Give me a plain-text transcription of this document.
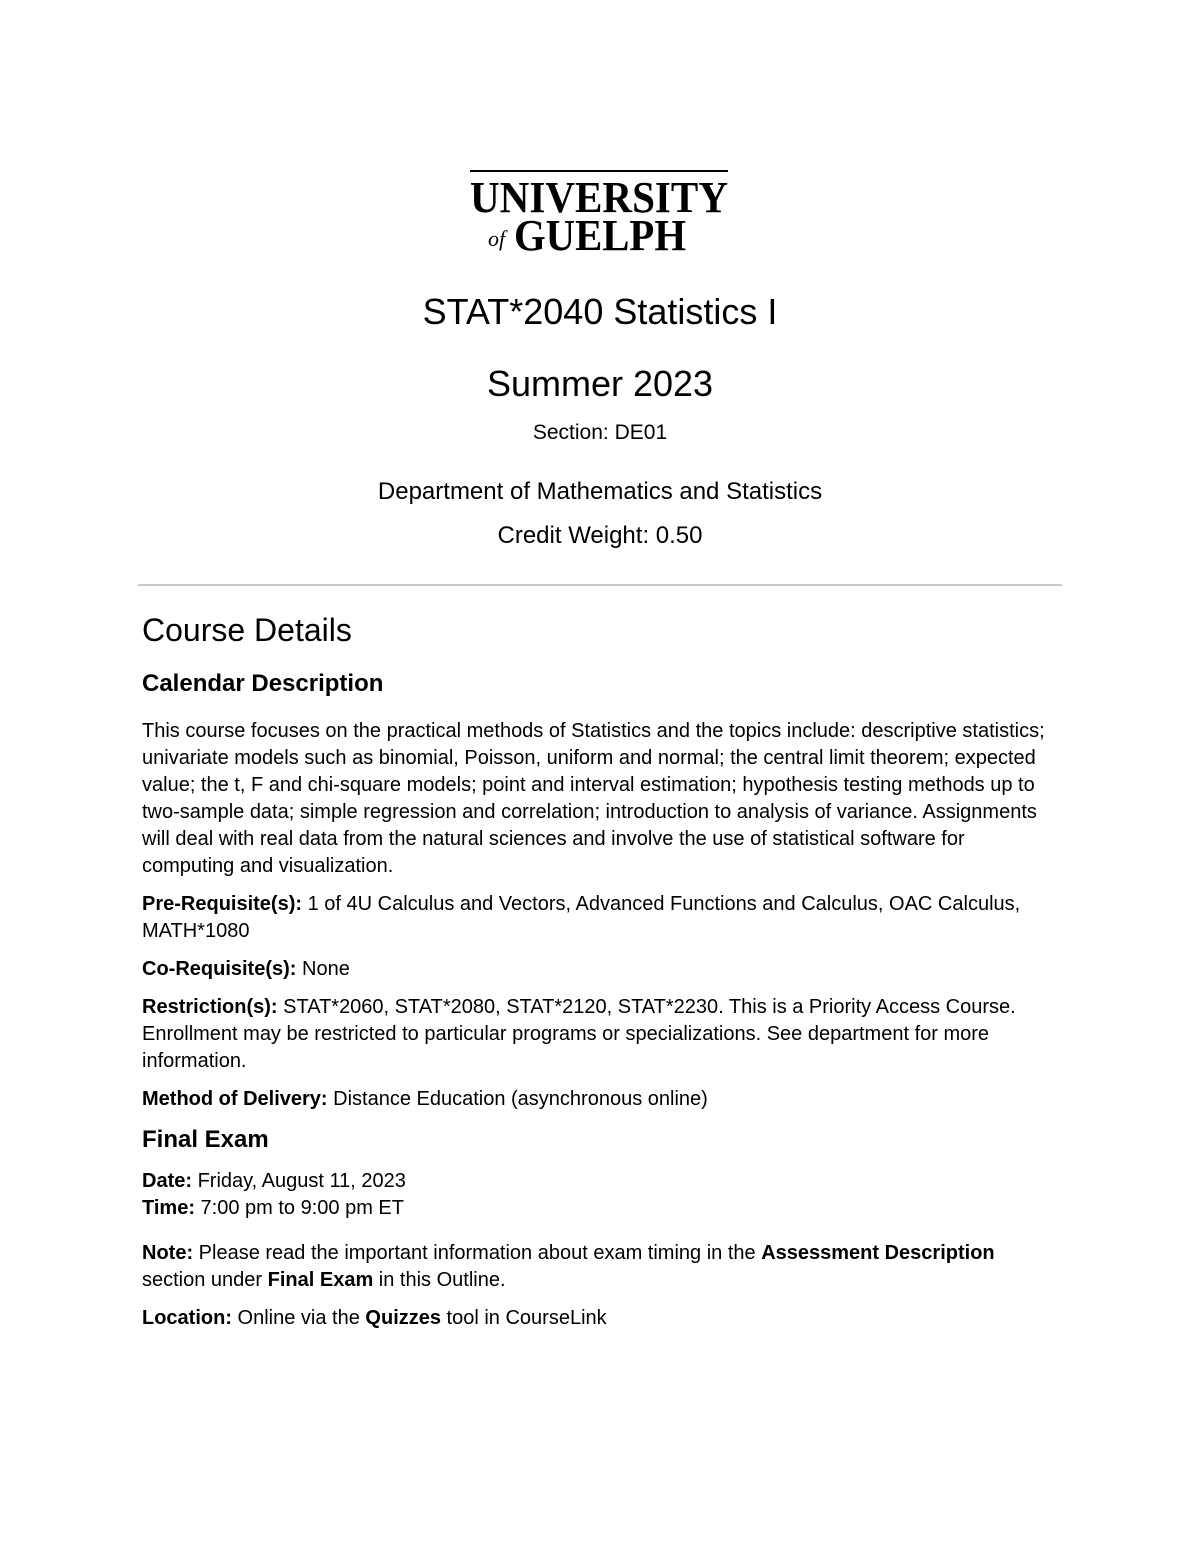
UNIVERSITY
of GUELPH
STAT*2040 Statistics I
Summer 2023
Section: DE01
Department of Mathematics and Statistics
Credit Weight: 0.50
Course Details
Calendar Description

This course focuses on the practical methods of Statistics and the topics include: descriptive statistics; univariate models such as binomial, Poisson, uniform and normal; the central limit theorem; expected value; the t, F and chi-square models; point and interval estimation; hypothesis testing methods up to two-sample data; simple regression and correlation; introduction to analysis of variance. Assignments will deal with real data from the natural sciences and involve the use of statistical software for computing and visualization.

Pre-Requisite(s): 1 of 4U Calculus and Vectors, Advanced Functions and Calculus, OAC Calculus, MATH*1080

Co-Requisite(s): None

Restriction(s): STAT*2060, STAT*2080, STAT*2120, STAT*2230. This is a Priority Access Course. Enrollment may be restricted to particular programs or specializations. See department for more information.

Method of Delivery: Distance Education (asynchronous online)

Final Exam

Date: Friday, August 11, 2023

Time: 7:00 pm to 9:00 pm ET

Note: Please read the important information about exam timing in the Assessment Description section under Final Exam in this Outline.

Location: Online via the Quizzes tool in CourseLink
